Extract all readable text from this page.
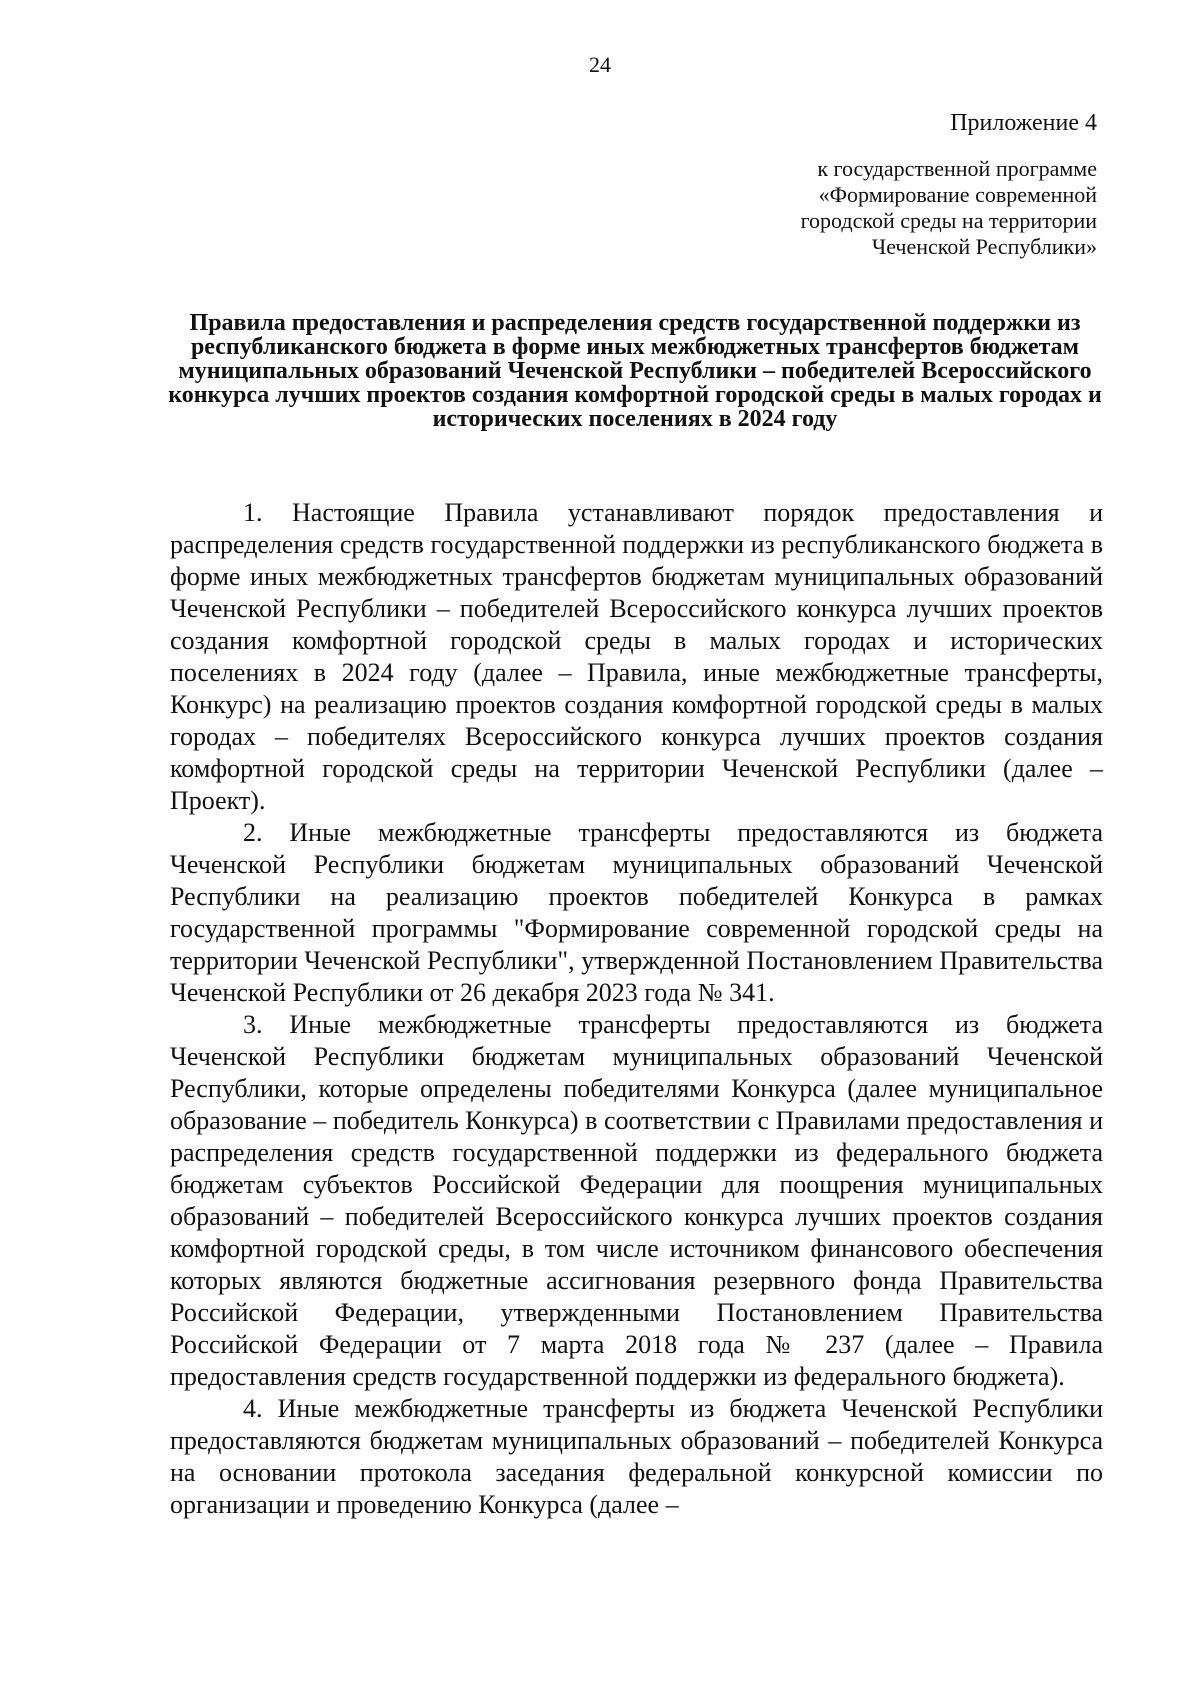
24
Приложение 4
к государственной программе «Формирование современной городской среды на территории Чеченской Республики»
Правила предоставления и распределения средств государственной поддержки из республиканского бюджета в форме иных межбюджетных трансфертов бюджетам муниципальных образований Чеченской Республики – победителей Всероссийского конкурса лучших проектов создания комфортной городской среды в малых городах и исторических поселениях в 2024 году

1. Настоящие Правила устанавливают порядок предоставления и распределения средств государственной поддержки из республиканского бюджета в форме иных межбюджетных трансфертов бюджетам муниципальных образований Чеченской Республики – победителей Всероссийского конкурса лучших проектов создания комфортной городской среды в малых городах и исторических поселениях в 2024 году (далее – Правила, иные межбюджетные трансферты, Конкурс) на реализацию проектов создания комфортной городской среды в малых городах – победителях Всероссийского конкурса лучших проектов создания комфортной городской среды на территории Чеченской Республики (далее – Проект).

2. Иные межбюджетные трансферты предоставляются из бюджета Чеченской Республики бюджетам муниципальных образований Чеченской Республики на реализацию проектов победителей Конкурса в рамках государственной программы "Формирование современной городской среды на территории Чеченской Республики", утвержденной Постановлением Правительства Чеченской Республики от 26 декабря 2023 года № 341.

3. Иные межбюджетные трансферты предоставляются из бюджета Чеченской Республики бюджетам муниципальных образований Чеченской Республики, которые определены победителями Конкурса (далее муниципальное образование – победитель Конкурса) в соответствии с Правилами предоставления и распределения средств государственной поддержки из федерального бюджета бюджетам субъектов Российской Федерации для поощрения муниципальных образований – победителей Всероссийского конкурса лучших проектов создания комфортной городской среды, в том числе источником финансового обеспечения которых являются бюджетные ассигнования резервного фонда Правительства Российской Федерации, утвержденными Постановлением Правительства Российской Федерации от 7 марта 2018 года № 237 (далее – Правила предоставления средств государственной поддержки из федерального бюджета).

4. Иные межбюджетные трансферты из бюджета Чеченской Республики предоставляются бюджетам муниципальных образований – победителей Конкурса на основании протокола заседания федеральной конкурсной комиссии по организации и проведению Конкурса (далее –
